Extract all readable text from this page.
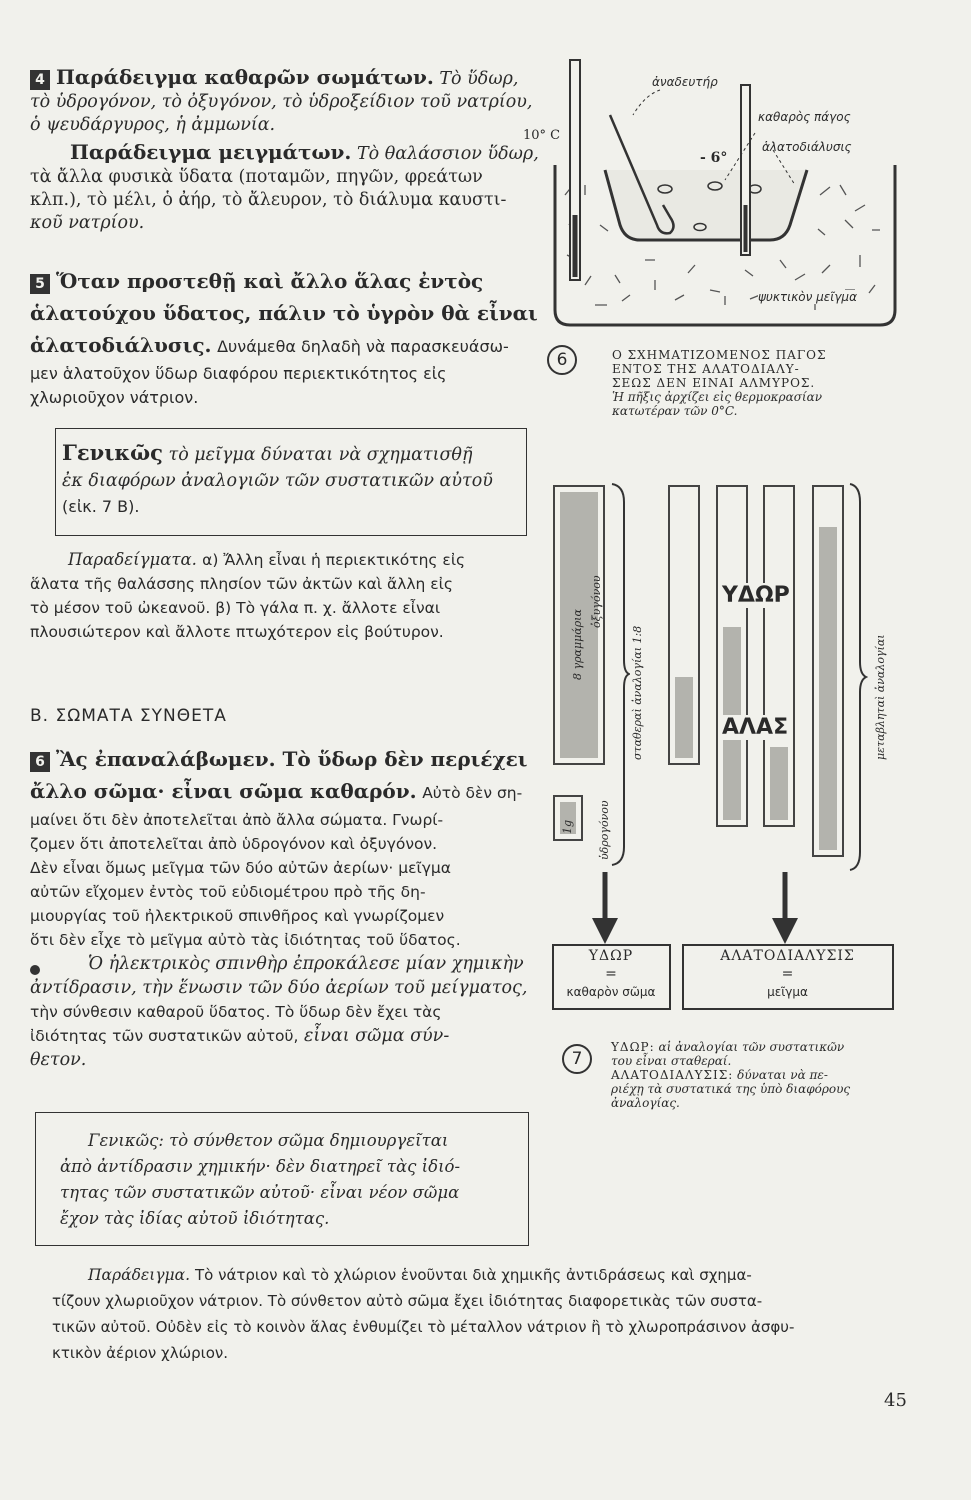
4 Παράδειγμα καθαρῶν σωμάτων. Τὸ ὕδωρ,
τὸ ὑδρογόνον, τὸ ὀξυγόνον, τὸ ὑδροξείδιον τοῦ νατρίου,
ὁ ψευδάργυρος, ἡ ἀμμωνία.
Παράδειγμα μειγμάτων. Τὸ θαλάσσιον ὕδωρ,
τὰ ἄλλα φυσικὰ ὕδατα (ποταμῶν, πηγῶν, φρεάτων
κλπ.), τὸ μέλι, ὁ ἀήρ, τὸ ἄλευρον, τὸ διάλυμα καυστι-
κοῦ νατρίου.
5 Ὅταν προστεθῇ καὶ ἄλλο ἅλας ἐντὸς
ἁλατούχου ὕδατος, πάλιν τὸ ὑγρὸν θὰ εἶναι
ἁλατοδιάλυσις. Δυνάμεθα δηλαδὴ νὰ παρασκευάσω-
μεν ἁλατοῦχον ὕδωρ διαφόρου περιεκτικότητος εἰς
χλωριοῦχον νάτριον.
Γενικῶς τὸ μεῖγμα δύναται νὰ σχηματισθῇ
ἐκ διαφόρων ἀναλογιῶν τῶν συστατικῶν αὐτοῦ
(εἰκ. 7 Β).
Παραδείγματα. α) Ἄλλη εἶναι ἡ περιεκτικότης εἰς
ἅλατα τῆς θαλάσσης πλησίον τῶν ἀκτῶν καὶ ἄλλη εἰς
τὸ μέσον τοῦ ὠκεανοῦ. β) Τὸ γάλα π. χ. ἄλλοτε εἶναι
πλουσιώτερον καὶ ἄλλοτε πτωχότερον εἰς βούτυρον.
Β. ΣΩΜΑΤΑ ΣΥΝΘΕΤΑ
6 Ἂς ἐπαναλάβωμεν. Τὸ ὕδωρ δὲν περιέχει
ἄλλο σῶμα· εἶναι σῶμα καθαρόν. Αὐτὸ δὲν ση-
μαίνει ὅτι δὲν ἀποτελεῖται ἀπὸ ἄλλα σώματα. Γνωρί-
ζομεν ὅτι ἀποτελεῖται ἀπὸ ὑδρογόνον καὶ ὀξυγόνον.
Δὲν εἶναι ὅμως μεῖγμα τῶν δύο αὐτῶν ἀερίων· μεῖγμα
αὐτῶν εἴχομεν ἐντὸς τοῦ εὐδιομέτρου πρὸ τῆς δη-
μιουργίας τοῦ ἠλεκτρικοῦ σπινθῆρος καὶ γνωρίζομεν
ὅτι δὲν εἶχε τὸ μεῖγμα αὐτὸ τὰς ἰδιότητας τοῦ ὕδατος.
Ὁ ἠλεκτρικὸς σπινθὴρ ἐπροκάλεσε μίαν χημικὴν
ἀντίδρασιν, τὴν ἕνωσιν τῶν δύο ἀερίων τοῦ μείγματος,
τὴν σύνθεσιν καθαροῦ ὕδατος. Τὸ ὕδωρ δὲν ἔχει τὰς
ἰδιότητας τῶν συστατικῶν αὐτοῦ, εἶναι σῶμα σύν-
θετον.
Γενικῶς: τὸ σύνθετον σῶμα δημιουργεῖται
ἀπὸ ἀντίδρασιν χημικήν· δὲν διατηρεῖ τὰς ἰδιό-
τητας τῶν συστατικῶν αὐτοῦ· εἶναι νέον σῶμα
ἔχον τὰς ἰδίας αὐτοῦ ἰδιότητας.
Παράδειγμα. Τὸ νάτριον καὶ τὸ χλώριον ἑνοῦνται διὰ χημικῆς ἀντιδράσεως καὶ σχημα-
τίζουν χλωριοῦχον νάτριον. Τὸ σύνθετον αὐτὸ σῶμα ἔχει ἰδιότητας διαφορετικὰς τῶν συστα-
τικῶν αὐτοῦ. Οὐδὲν εἰς τὸ κοινὸν ἅλας ἐνθυμίζει τὸ μέταλλον νάτριον ἢ τὸ χλωροπράσινον ἀσφυ-
κτικὸν ἀέριον χλώριον.
45
ἀναδευτήρ
10° C
καθαρὸς πάγος
- 6°
ἁλατοδιάλυσις
ψυκτικὸν μεῖγμα
6	Ο ΣΧΗΜΑΤΙΖΟΜΕΝΟΣ ΠΑΓΟΣ
ΕΝΤΟΣ ΤΗΣ ΑΛΑΤΟΔΙΑΛΥ-
ΣΕΩΣ ΔΕΝ ΕΙΝΑΙ ΑΛΜΥΡΟΣ.
Ἡ πῆξις ἀρχίζει εἰς θερμοκρασίαν
κατωτέραν τῶν 0°C.
ΥΔΩΡ
ΑΛΑΣ
8 γραμμάρια
ὀξυγόνου
1g ὑδρογόνου
σταθεραὶ ἀναλογίαι 1:8	μεταβληταὶ ἀναλογίαι
ΥΔΩΡ
=
καθαρὸν σῶμα
ΑΛΑΤΟΔΙΑΛΥΣΙΣ
=
μεῖγμα
7
ΥΔΩΡ: αἱ ἀναλογίαι τῶν συστατικῶν
του εἶναι σταθεραί.
ΑΛΑΤΟΔΙΑΛΥΣΙΣ: δύναται νὰ πε-
ριέχῃ τὰ συστατικά της ὑπὸ διαφόρους
ἀναλογίας.
